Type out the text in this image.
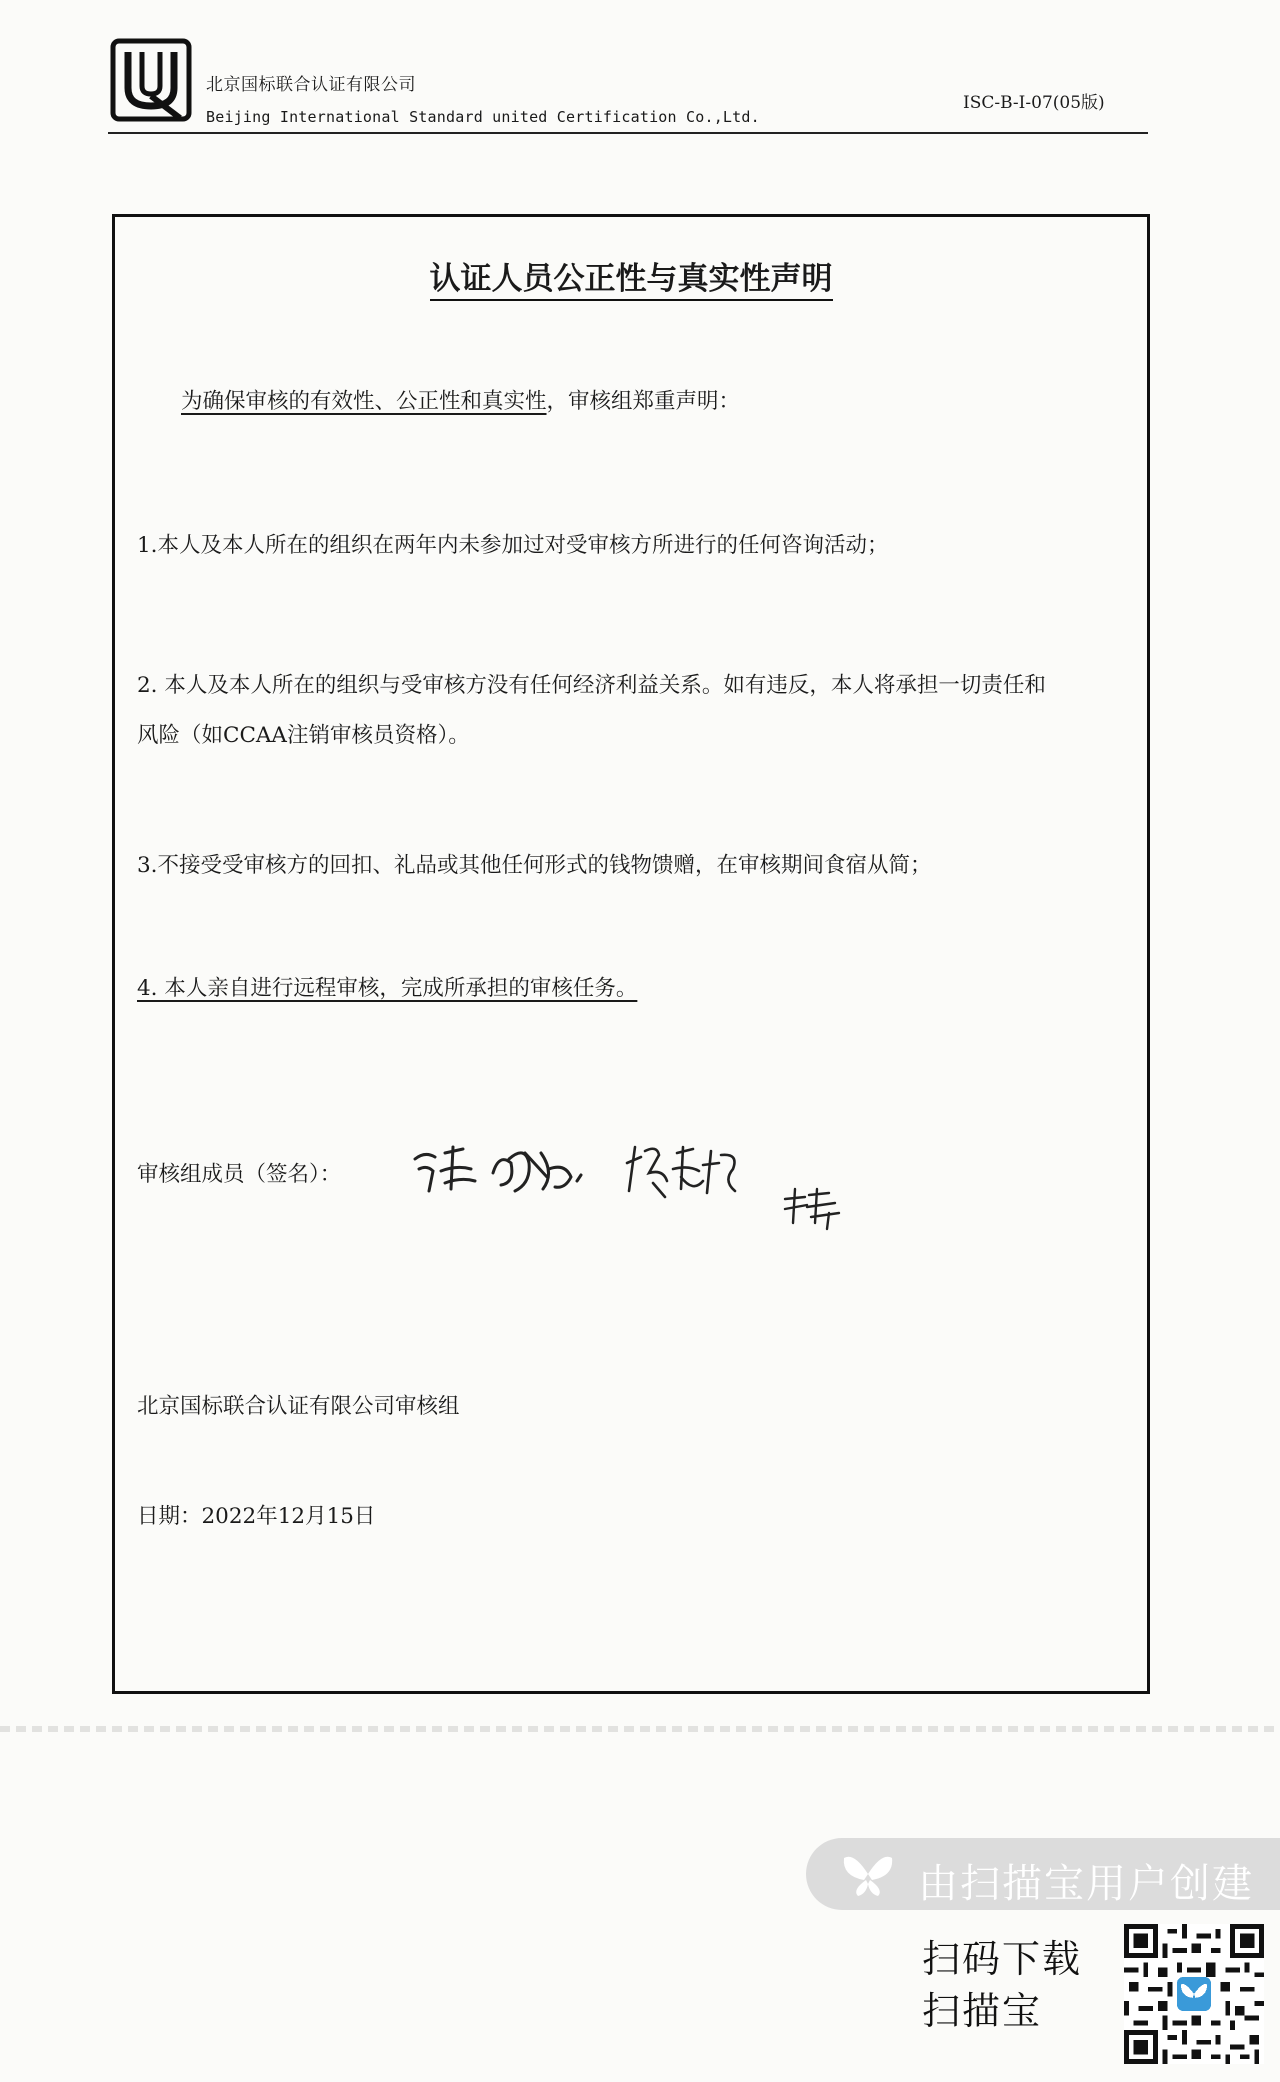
北京国标联合认证有限公司
Beijing International Standard united Certification Co.,Ltd.
ISC-B-I-07(05版)
认证人员公正性与真实性声明
为确保审核的有效性、公正性和真实性，审核组郑重声明：
1.本人及本人所在的组织在两年内未参加过对受审核方所进行的任何咨询活动；
2. 本人及本人所在的组织与受审核方没有任何经济利益关系。如有违反，本人将承担一切责任和
风险（如CCAA注销审核员资格）。
3.不接受受审核方的回扣、礼品或其他任何形式的钱物馈赠，在审核期间食宿从简；
4. 本人亲自进行远程审核，完成所承担的审核任务。
审核组成员（签名）：
北京国标联合认证有限公司审核组
日期：2022年12月15日
由扫描宝用户创建
扫码下载
扫描宝
